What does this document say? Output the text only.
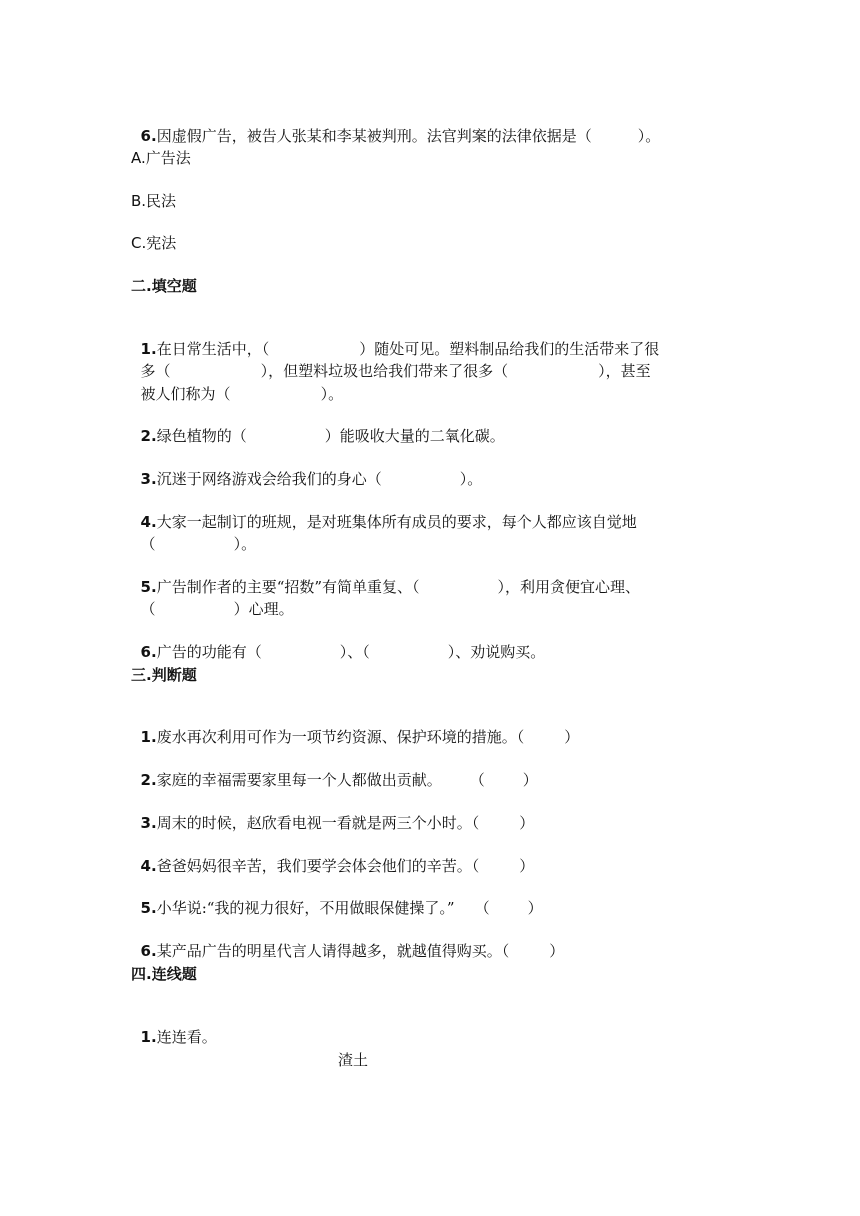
6.因虚假广告，被告人张某和李某被判刑。法官判案的法律依据是（	）。

A.广告法
B.民法
C.宪法
二.填空题

1.在日常生活中，（	）随处可见。塑料制品给我们的生活带来了很

多（	），但塑料垃圾也给我们带来了很多（	），甚至

被人们称为（	）。

2.绿色植物的（	）能吸收大量的二氧化碳。

3.沉迷于网络游戏会给我们的身心（	）。

4.大家一起制订的班规，是对班集体所有成员的要求，每个人都应该自觉地

（	）。

5.广告制作者的主要“招数”有简单重复、（	），利用贪便宜心理、

（	）心理。

6.广告的功能有（	）、（	）、劝说购买。

三.判断题

1.废水再次利用可作为一项节约资源、保护环境的措施。（	）

2.家庭的幸福需要家里每一个人都做出贡献。 （	）

3.周末的时候，赵欣看电视一看就是两三个小时。（	）

4.爸爸妈妈很辛苦，我们要学会体会他们的辛苦。（	）

5.小华说:“我的视力很好，不用做眼保健操了。” （	）

6.某产品广告的明星代言人请得越多，就越值得购买。（	）

四.连线题

1.连连看。

渣土
